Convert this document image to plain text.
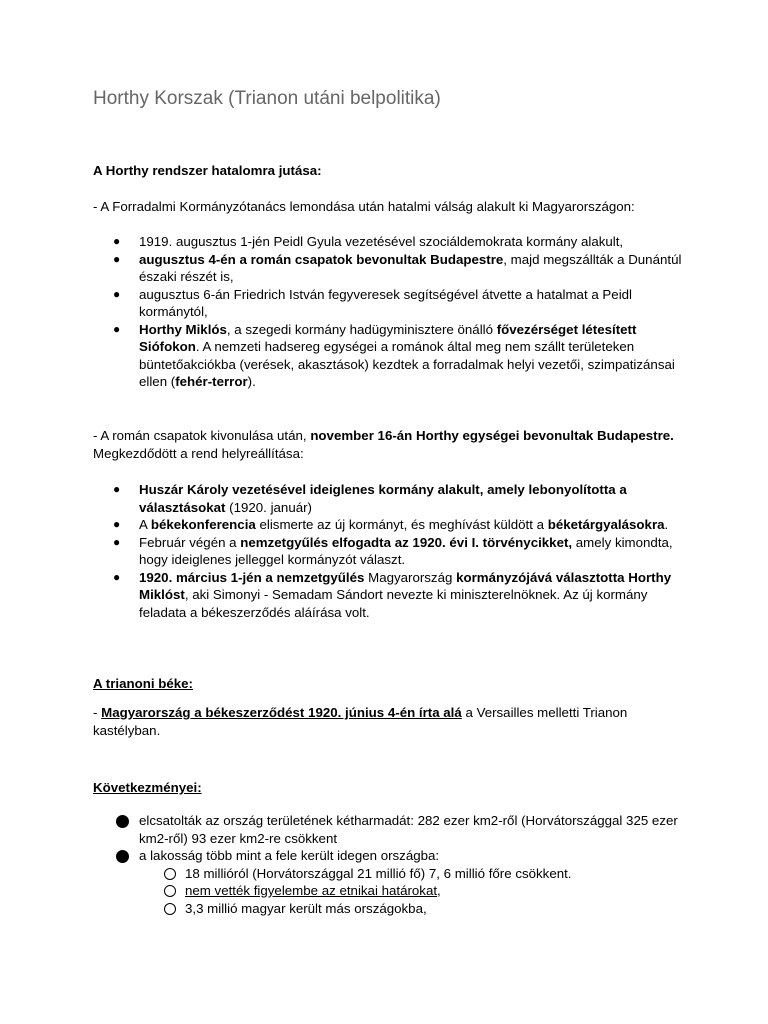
Horthy Korszak (Trianon utáni belpolitika)
A Horthy rendszer hatalomra jutása:
- A Forradalmi Kormányzótanács lemondása után hatalmi válság alakult ki Magyarországon:
● 1919. augusztus 1-jén Peidl Gyula vezetésével szociáldemokrata kormány alakult,
● augusztus 4-én a román csapatok bevonultak Budapestre, majd megszállták a Dunántúl északi részét is,
● augusztus 6-án Friedrich István fegyveresek segítségével átvette a hatalmat a Peidl kormánytól,
● Horthy Miklós, a szegedi kormány hadügyminisztere önálló fővezérséget létesített Siófokon. A nemzeti hadsereg egységei a románok által meg nem szállt területeken büntetőakciókba (verések, akasztások) kezdtek a forradalmak helyi vezetői, szimpatizánsai ellen (fehér-terror).
- A román csapatok kivonulása után, november 16-án Horthy egységei bevonultak Budapestre. Megkezdődött a rend helyreállítása:
● Huszár Károly vezetésével ideiglenes kormány alakult, amely lebonyolította a választásokat (1920. január)
● A békekonferencia elismerte az új kormányt, és meghívást küldött a béketárgyalásokra.
● Február végén a nemzetgyűlés elfogadta az 1920. évi I. törvénycikket, amely kimondta, hogy ideiglenes jelleggel kormányzót választ.
● 1920. március 1-jén a nemzetgyűlés Magyarország kormányzójává választotta Horthy Miklóst, aki Simonyi - Semadam Sándort nevezte ki miniszterelnöknek. Az új kormány feladata a békeszerződés aláírása volt.
A trianoni béke:
- Magyarország a békeszerződést 1920. június 4-én írta alá a Versailles melletti Trianon kastélyban.
Következményei:
elcsatolták az ország területének kétharmadát: 282 ezer km2-ről (Horvátországgal 325 ezer km2-ről) 93 ezer km2-re csökkent
a lakosság több mint a fele került idegen országba:
18 millióról (Horvátországgal 21 millió fő) 7, 6 millió főre csökkent.
nem vették figyelembe az etnikai határokat,
3,3 millió magyar került más országokba,
